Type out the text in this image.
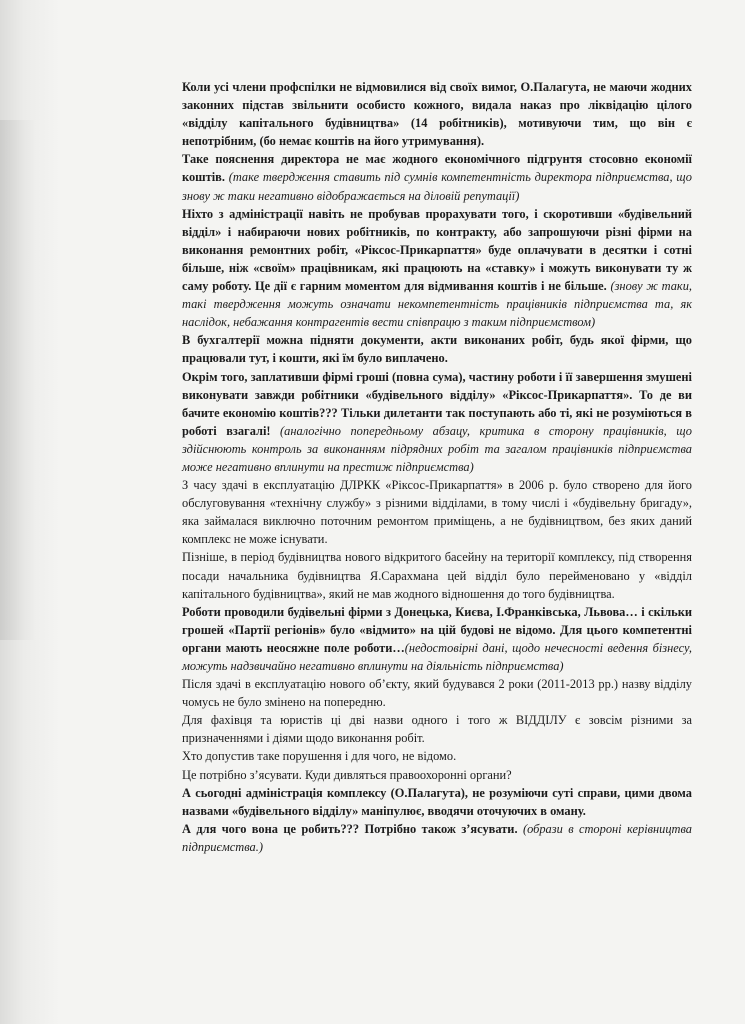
Коли усі члени профспілки не відмовилися від своїх вимог, О.Палагута, не маючи жодних законних підстав звільнити особисто кожного, видала наказ про ліквідацію цілого «відділу капітального будівництва» (14 робітників), мотивуючи тим, що він є непотрібним, (бо немає коштів на його утримування).

Таке пояснення директора не має жодного економічного підгрунтя стосовно економії коштів. (таке твердження ставить під сумнів компетентність директора підприємства, що знову ж таки негативно відображається на діловій репутації)

Ніхто з адміністрації навіть не пробував прорахувати того, і скоротивши «будівельний відділ» і набираючи нових робітників, по контракту, або запрошуючи різні фірми на виконання ремонтних робіт, «Ріксос-Прикарпаття» буде оплачувати в десятки і сотні більше, ніж «своїм» працівникам, які працюють на «ставку» і можуть виконувати ту ж саму роботу. Це дії є гарним моментом для відмивання коштів і не більше. (знову ж таки, такі твердження можуть означати некомпетентність працівників підприємства та, як наслідок, небажання контрагентів вести співпрацю з таким підприємством)

В бухгалтерії можна підняти документи, акти виконаних робіт, будь якої фірми, що працювали тут, і кошти, які їм було виплачено.

Окрім того, заплативши фірмі гроші (повна сума), частину роботи і її завершення змушені виконувати завжди робітники «будівельного відділу» «Ріксос-Прикарпаття». То де ви бачите економію коштів??? Тільки дилетанти так поступають або ті, які не розуміються в роботі взагалі! (аналогічно попередньому абзацу, критика в сторону працівників, що здійснюють контроль за виконанням підрядних робіт та загалом працівників підприємства може негативно вплинути на престиж підприємства)

З часу здачі в експлуатацію ДЛРКК «Ріксос-Прикарпаття» в 2006 р. було створено для його обслуговування «технічну службу» з різними відділами, в тому числі і «будівельну бригаду», яка займалася виключно поточним ремонтом приміщень, а не будівництвом, без яких даний комплекс не може існувати.

Пізніше, в період будівництва нового відкритого басейну на території комплексу, під створення посади начальника будівництва Я.Сарахмана цей відділ було перейменовано у «відділ капітального будівництва», який не мав жодного відношення до того будівництва.

Роботи проводили будівельні фірми з Донецька, Києва, І.Франківська, Львова… і скільки грошей «Партії регіонів» було «відмито» на цій будові не відомо. Для цього компетентні органи мають неосяжне поле роботи…(недостовірні дані, щодо нечесності ведення бізнесу, можуть надзвичайно негативно вплинути на діяльність підприємства)

Після здачі в експлуатацію нового об’єкту, який будувався 2 роки (2011-2013 рр.) назву відділу чомусь не було змінено на попередню.

Для фахівця та юристів ці дві назви одного і того ж ВІДДІЛУ є зовсім різними за призначеннями і діями щодо виконання робіт.

Хто допустив таке порушення і для чого, не відомо.

Це потрібно з’ясувати. Куди дивляться правоохоронні органи?

А сьогодні адміністрація комплексу (О.Палагута), не розуміючи суті справи, цими двома назвами «будівельного відділу» маніпулює, вводячи оточуючих в оману.

А для чого вона це робить??? Потрібно також з’ясувати. (образи в стороні керівництва підприємства.)
